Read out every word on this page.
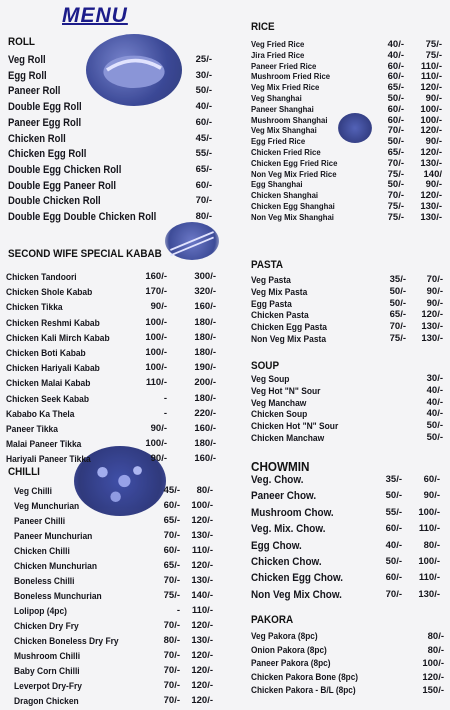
MENU
ROLL
Veg Roll	25/-
Egg Roll	30/-
Paneer Roll	50/-
Double Egg Roll	40/-
Paneer Egg Roll	60/-
Chicken Roll	45/-
Chicken Egg Roll	55/-
Double Egg Chicken Roll	65/-
Double Egg Paneer Roll	60/-
Double Chicken Roll	70/-
Double Egg Double Chicken Roll	80/-
SECOND WIFE SPECIAL KABAB
Chicken Tandoori	160/-	300/-
Chicken Shole Kabab	170/-	320/-
Chicken Tikka	90/-	160/-
Chicken Reshmi Kabab	100/-	180/-
Chicken Kali Mirch Kabab	100/-	180/-
Chicken Boti Kabab	100/-	180/-
Chicken Hariyali Kabab	100/-	190/-
Chicken Malai Kabab	110/-	200/-
Chicken Seek Kabab	-	180/-
Kababo Ka Thela	-	220/-
Paneer Tikka	90/-	160/-
Malai Paneer Tikka	100/-	180/-
Hariyali Paneer Tikka	90/-	160/-
CHILLI
Veg Chilli	45/- 80/-
Veg Munchurian	60/- 100/-
Paneer Chilli	65/- 120/-
Paneer Munchurian	70/- 130/-
Chicken Chilli	60/- 110/-
Chicken Munchurian	65/- 120/-
Boneless Chilli	70/- 130/-
Boneless Munchurian	75/- 140/-
Lolipop (4pc)	- 110/-
Chicken Dry Fry	70/- 120/-
Chicken Boneless Dry Fry	80/- 130/-
Mushroom Chilli	70/- 120/-
Baby Corn Chilli	70/- 120/-
Leverpot Dry-Fry	70/- 120/-
Dragon Chicken	70/- 120/-
RICE
Veg Fried Rice	40/- 75/-
Jira Fried Rice	40/- 75/-
Paneer Fried Rice	60/- 110/-
Mushroom Fried Rice	60/- 110/-
Veg Mix Fried Rice	65/- 120/-
Veg Shanghai	50/- 90/-
Paneer Shanghai	60/- 100/-
Mushroom Shanghai	60/- 100/-
Veg Mix Shanghai	70/- 120/-
Egg Fried Rice	50/- 90/-
Chicken Fried Rice	65/- 120/-
Chicken Egg Fried Rice	70/- 130/-
Non Veg Mix Fried Rice	75/- 140/
Egg Shanghai	50/- 90/-
Chicken Shanghai	70/- 120/-
Chicken Egg Shanghai	75/- 130/-
Non Veg Mix Shanghai	75/- 130/-
PASTA
Veg Pasta	35/- 70/-
Veg Mix Pasta	50/- 90/-
Egg Pasta	50/- 90/-
Chicken Pasta	65/- 120/-
Chicken Egg Pasta	70/- 130/-
Non Veg Mix Pasta	75/- 130/-
SOUP
Veg Soup	30/-
Veg Hot "N" Sour	40/-
Veg Manchaw	40/-
Chicken Soup	40/-
Chicken Hot "N" Sour	50/-
Chicken Manchaw	50/-
CHOWMIN
Veg. Chow.	35/- 60/-
Paneer Chow.	50/- 90/-
Mushroom Chow.	55/- 100/-
Veg. Mix. Chow.	60/- 110/-
Egg Chow.	40/- 80/-
Chicken Chow.	50/- 100/-
Chicken Egg Chow.	60/- 110/-
Non Veg Mix Chow.	70/- 130/-
PAKORA
Veg Pakora (8pc)	80/-
Onion Pakora (8pc)	80/-
Paneer Pakora (8pc)	100/-
Chicken Pakora Bone (8pc)	120/-
Chicken Pakora - B/L (8pc)	150/-
